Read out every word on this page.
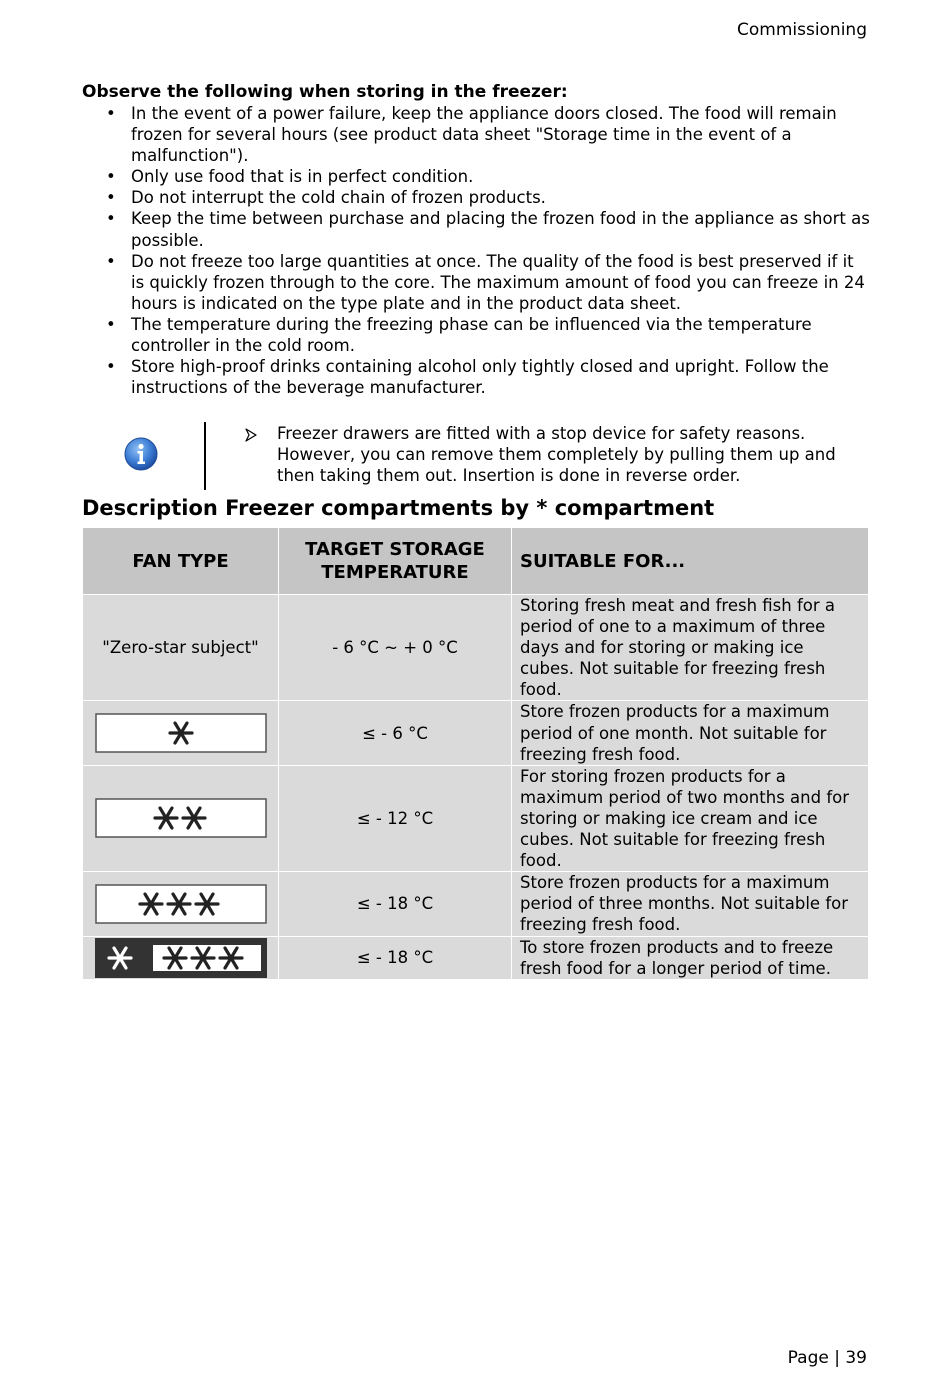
Commissioning
Observe the following when storing in the freezer:
• In the event of a power failure, keep the appliance doors closed. The food will remain frozen for several hours (see product data sheet "Storage time in the event of a malfunction").
• Only use food that is in perfect condition.
• Do not interrupt the cold chain of frozen products.
• Keep the time between purchase and placing the frozen food in the appliance as short as possible.
• Do not freeze too large quantities at once. The quality of the food is best preserved if it is quickly frozen through to the core. The maximum amount of food you can freeze in 24 hours is indicated on the type plate and in the product data sheet.
• The temperature during the freezing phase can be influenced via the temperature controller in the cold room.
• Store high-proof drinks containing alcohol only tightly closed and upright. Follow the instructions of the beverage manufacturer.
Freezer drawers are fitted with a stop device for safety reasons. However, you can remove them completely by pulling them up and then taking them out. Insertion is done in reverse order.
Description Freezer compartments by * compartment
FAN TYPE	TARGET STORAGE TEMPERATURE	SUITABLE FOR...
"Zero-star subject"	- 6 °C ~ + 0 °C	Storing fresh meat and fresh fish for a period of one to a maximum of three days and for storing or making ice cubes. Not suitable for freezing fresh food.
	≤ - 6 °C	Store frozen products for a maximum period of one month. Not suitable for freezing fresh food.
	≤ - 12 °C	For storing frozen products for a maximum period of two months and for storing or making ice cream and ice cubes. Not suitable for freezing fresh food.
	≤ - 18 °C	Store frozen products for a maximum period of three months. Not suitable for freezing fresh food.
	≤ - 18 °C	To store frozen products and to freeze fresh food for a longer period of time.
Page | 39
